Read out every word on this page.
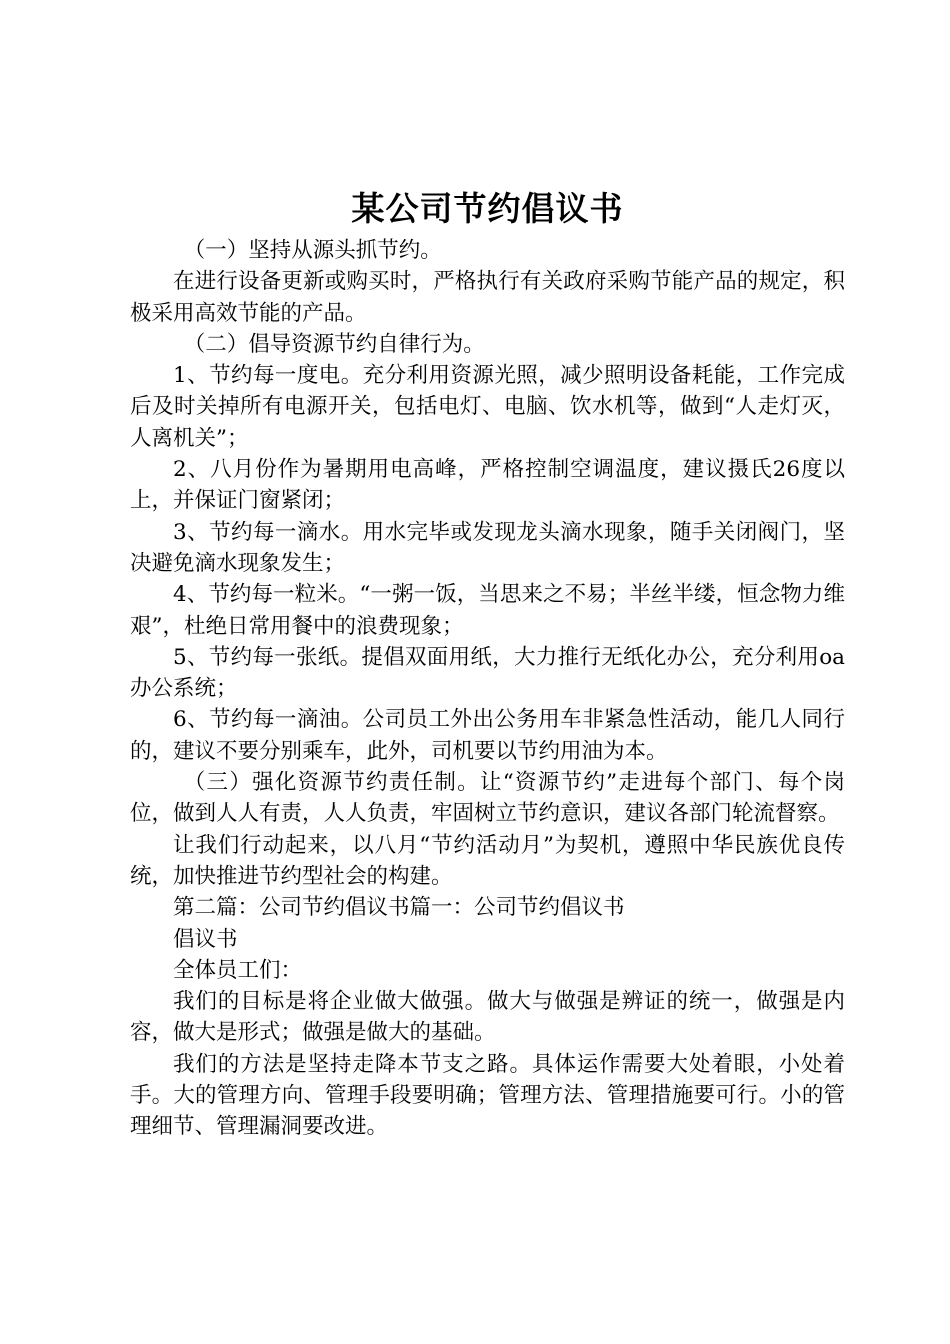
某公司节约倡议书

（一）坚持从源头抓节约。

在进行设备更新或购买时，严格执行有关政府采购节能产品的规定，积极采用高效节能的产品。

（二）倡导资源节约自律行为。

1、节约每一度电。充分利用资源光照，减少照明设备耗能，工作完成后及时关掉所有电源开关，包括电灯、电脑、饮水机等，做到“人走灯灭，人离机关”；

2、八月份作为暑期用电高峰，严格控制空调温度，建议摄氏26度以上，并保证门窗紧闭；

3、节约每一滴水。用水完毕或发现龙头滴水现象，随手关闭阀门，坚决避免滴水现象发生；

4、节约每一粒米。“一粥一饭，当思来之不易；半丝半缕，恒念物力维艰”，杜绝日常用餐中的浪费现象；

5、节约每一张纸。提倡双面用纸，大力推行无纸化办公，充分利用oa办公系统；

6、节约每一滴油。公司员工外出公务用车非紧急性活动，能几人同行的，建议不要分别乘车，此外，司机要以节约用油为本。

（三）强化资源节约责任制。让“资源节约”走进每个部门、每个岗位，做到人人有责，人人负责，牢固树立节约意识，建议各部门轮流督察。

让我们行动起来，以八月“节约活动月”为契机，遵照中华民族优良传统，加快推进节约型社会的构建。

第二篇：公司节约倡议书篇一：公司节约倡议书

倡议书

全体员工们：

我们的目标是将企业做大做强。做大与做强是辨证的统一，做强是内容，做大是形式；做强是做大的基础。

我们的方法是坚持走降本节支之路。具体运作需要大处着眼，小处着手。大的管理方向、管理手段要明确；管理方法、管理措施要可行。小的管理细节、管理漏洞要改进。
